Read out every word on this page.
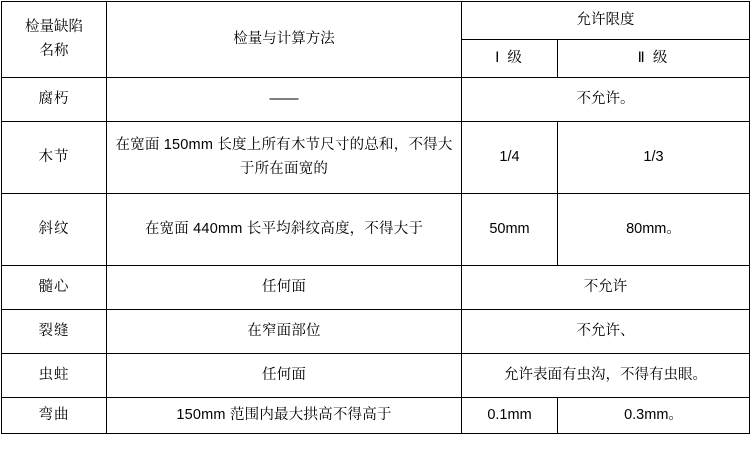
检量缺陷
名称	检量与计算方法	允许限度	
		Ⅰ 级	Ⅱ 级
腐朽	——	不允许。	
木节	在宽面 150mm 长度上所有木节尺寸的总和，不得大于所在面宽的	1/4	1/3
斜纹	在宽面 440mm 长平均斜纹高度，不得大于	50mm	80mm。
髓心	任何面	不允许	
裂缝	在窄面部位	不允许、	
虫蛀	任何面	允许表面有虫沟，不得有虫眼。	
弯曲	150mm 范围内最大拱高不得高于	0.1mm	0.3mm。
